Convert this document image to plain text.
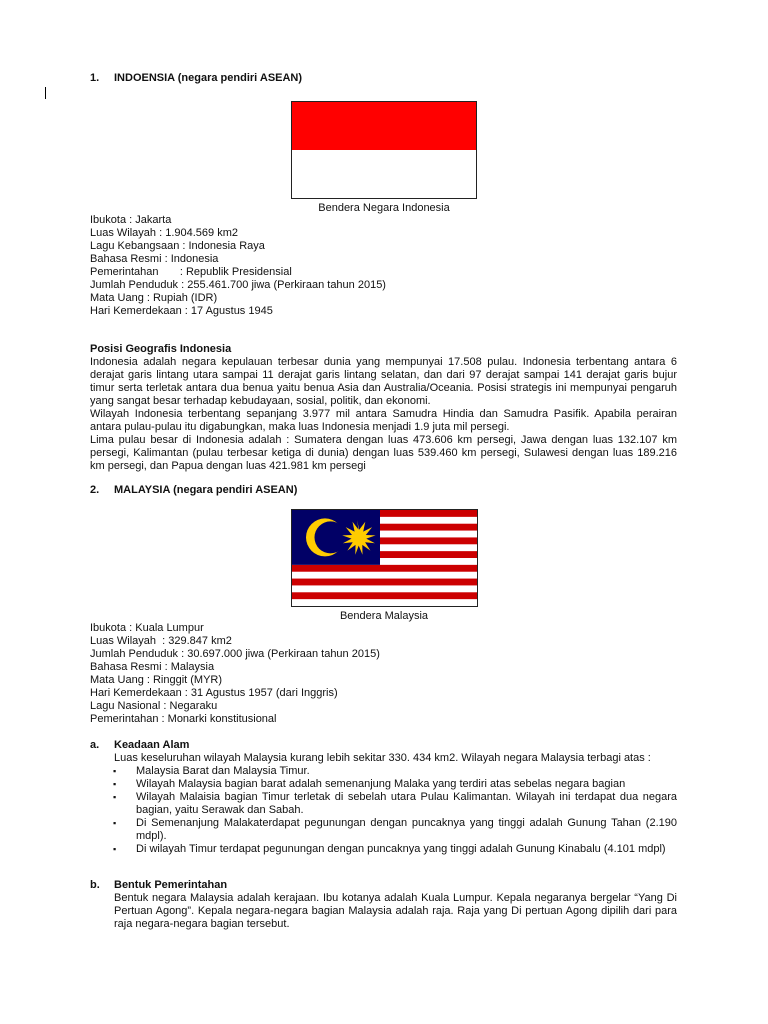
1. INDOENSIA (negara pendiri ASEAN)
Bendera Negara Indonesia
Ibukota : Jakarta
Luas Wilayah : 1.904.569 km2
Lagu Kebangsaan : Indonesia Raya
Bahasa Resmi : Indonesia
Pemerintahan       : Republik Presidensial
Jumlah Penduduk : 255.461.700 jiwa (Perkiraan tahun 2015)
Mata Uang : Rupiah (IDR)
Hari Kemerdekaan : 17 Agustus 1945
Posisi Geografis Indonesia

Indonesia adalah negara kepulauan terbesar dunia yang mempunyai 17.508 pulau. Indonesia terbentang antara 6 derajat garis lintang utara sampai 11 derajat garis lintang selatan, dan dari 97 derajat sampai 141 derajat garis bujur timur serta terletak antara dua benua yaitu benua Asia dan Australia/Oceania. Posisi strategis ini mempunyai pengaruh yang sangat besar terhadap kebudayaan, sosial, politik, dan ekonomi.

Wilayah Indonesia terbentang sepanjang 3.977 mil antara Samudra Hindia dan Samudra Pasifik. Apabila perairan antara pulau-pulau itu digabungkan, maka luas Indonesia menjadi 1.9 juta mil persegi.

Lima pulau besar di Indonesia adalah : Sumatera dengan luas 473.606 km persegi, Jawa dengan luas 132.107 km persegi, Kalimantan (pulau terbesar ketiga di dunia) dengan luas 539.460 km persegi, Sulawesi dengan luas 189.216 km persegi, dan Papua dengan luas 421.981 km persegi

2. MALAYSIA (negara pendiri ASEAN)
Bendera Malaysia
Ibukota : Kuala Lumpur
Luas Wilayah  : 329.847 km2
Jumlah Penduduk : 30.697.000 jiwa (Perkiraan tahun 2015)
Bahasa Resmi : Malaysia
Mata Uang : Ringgit (MYR)
Hari Kemerdekaan : 31 Agustus 1957 (dari Inggris)
Lagu Nasional : Negaraku
Pemerintahan : Monarki konstitusional
a. Keadaan Alam
Luas keseluruhan wilayah Malaysia kurang lebih sekitar 330. 434 km2. Wilayah negara Malaysia terbagi atas :
▪ Malaysia Barat dan Malaysia Timur.
▪ Wilayah Malaysia bagian barat adalah semenanjung Malaka yang terdiri atas sebelas negara bagian
▪ Wilayah Malaisia bagian Timur terletak di sebelah utara Pulau Kalimantan. Wilayah ini terdapat dua negara bagian, yaitu Serawak dan Sabah.
▪ Di Semenanjung Malakaterdapat pegunungan dengan puncaknya yang tinggi adalah Gunung Tahan (2.190 mdpl).
▪ Di wilayah Timur terdapat pegunungan dengan puncaknya yang tinggi adalah Gunung Kinabalu (4.101 mdpl)
b. Bentuk Pemerintahan
Bentuk negara Malaysia adalah kerajaan. Ibu kotanya adalah Kuala Lumpur. Kepala negaranya bergelar “Yang Di Pertuan Agong”. Kepala negara-negara bagian Malaysia adalah raja. Raja yang Di pertuan Agong dipilih dari para raja negara-negara bagian tersebut.
